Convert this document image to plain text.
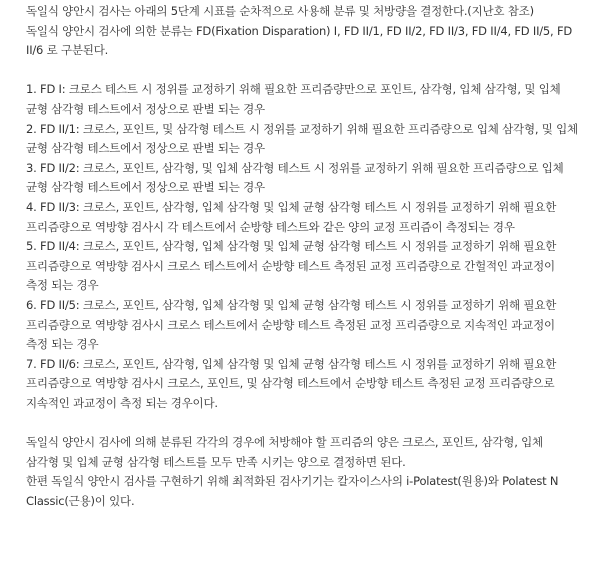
독일식 양안시 검사는 아래의 5단계 시표를 순차적으로 사용해 분류 및 처방량을 결정한다.(지난호 참조)

독일식 양안시 검사에 의한 분류는 FD(Fixation Disparation) I, FD II/1, FD II/2, FD II/3, FD II/4, FD II/5, FD II/6 로 구분된다.

1. FD I: 크로스 테스트 시 정위를 교정하기 위해 필요한 프리즘량만으로 포인트, 삼각형, 입체 삼각형, 및 입체 균형 삼각형 테스트에서 정상으로 판별 되는 경우
2. FD II/1: 크로스, 포인트, 및 삼각형 테스트 시 정위를 교정하기 위해 필요한 프리즘량으로 입체 삼각형, 및 입체 균형 삼각형 테스트에서 정상으로 판별 되는 경우
3. FD II/2: 크로스, 포인트, 삼각형, 및 입체 삼각형 테스트 시 정위를 교정하기 위해 필요한 프리즘량으로 입체 균형 삼각형 테스트에서 정상으로 판별 되는 경우
4. FD II/3: 크로스, 포인트, 삼각형, 입체 삼각형 및 입체 균형 삼각형 테스트 시 정위를 교정하기 위해 필요한 프리즘량으로 역방향 검사시 각 테스트에서 순방향 테스트와 같은 양의 교정 프리즘이 측정되는 경우
5. FD II/4: 크로스, 포인트, 삼각형, 입체 삼각형 및 입체 균형 삼각형 테스트 시 정위를 교정하기 위해 필요한 프리즘량으로 역방향 검사시 크로스 테스트에서 순방향 테스트 측정된 교정 프리즘량으로 간헐적인 과교정이 측정 되는 경우
6. FD II/5: 크로스, 포인트, 삼각형, 입체 삼각형 및 입체 균형 삼각형 테스트 시 정위를 교정하기 위해 필요한 프리즘량으로 역방향 검사시 크로스 테스트에서 순방향 테스트 측정된 교정 프리즘량으로 지속적인 과교정이 측정 되는 경우
7. FD II/6: 크로스, 포인트, 삼각형, 입체 삼각형 및 입체 균형 삼각형 테스트 시 정위를 교정하기 위해 필요한 프리즘량으로 역방향 검사시 크로스, 포인트, 및 삼각형 테스트에서 순방향 테스트 측정된 교정 프리즘량으로 지속적인 과교정이 측정 되는 경우이다.

독일식 양안시 검사에 의해 분류된 각각의 경우에 처방해야 할 프리즘의 양은 크로스, 포인트, 삼각형, 입체 삼각형 및 입체 균형 삼각형 테스트를 모두 만족 시키는 양으로 결정하면 된다.

한편 독일식 양안시 검사를 구현하기 위해 최적화된 검사기기는 칼자이스사의 i-Polatest(원용)와 Polatest N Classic(근용)이 있다.
